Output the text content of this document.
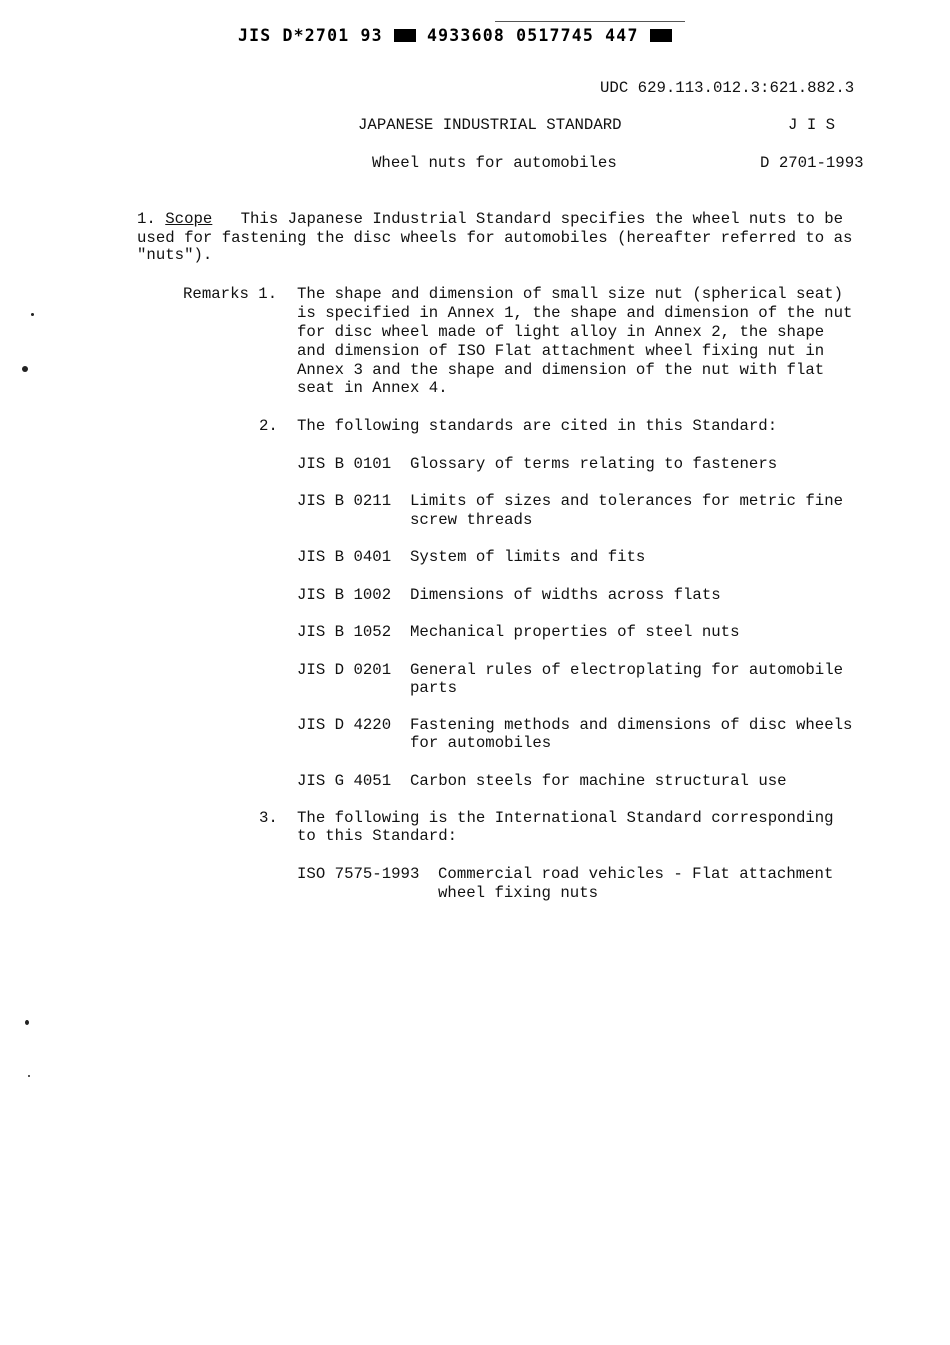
JIS D*2701 93	4933608 0517745 447
UDC 629.113.012.3:621.882.3
JAPANESE INDUSTRIAL STANDARD	J I S
Wheel nuts for automobiles	D 2701-1993
1. Scope This Japanese Industrial Standard specifies the wheel nuts to be
used for fastening the disc wheels for automobiles (hereafter referred to as
"nuts").
Remarks 1. The shape and dimension of small size nut (spherical seat)
is specified in Annex 1, the shape and dimension of the nut
for disc wheel made of light alloy in Annex 2, the shape
and dimension of ISO Flat attachment wheel fixing nut in
Annex 3 and the shape and dimension of the nut with flat
seat in Annex 4.
2. The following standards are cited in this Standard:
JIS B 0101 Glossary of terms relating to fasteners
JIS B 0211 Limits of sizes and tolerances for metric fine
screw threads
JIS B 0401 System of limits and fits
JIS B 1002 Dimensions of widths across flats
JIS B 1052 Mechanical properties of steel nuts
JIS D 0201 General rules of electroplating for automobile
parts
JIS D 4220 Fastening methods and dimensions of disc wheels
for automobiles
JIS G 4051 Carbon steels for machine structural use
3. The following is the International Standard corresponding
to this Standard:
ISO 7575-1993 Commercial road vehicles - Flat attachment
wheel fixing nuts
